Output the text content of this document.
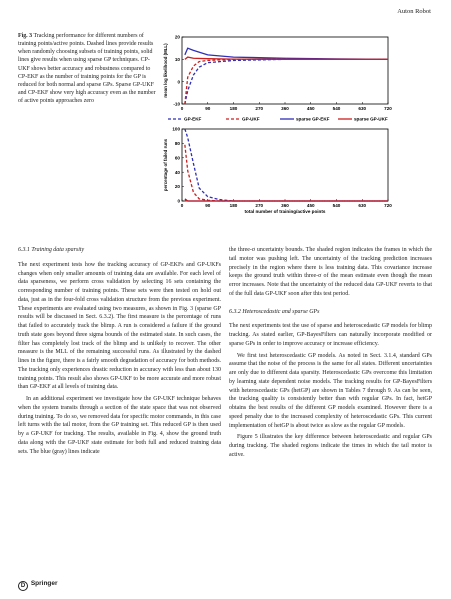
Auton Robot
Fig. 3 Tracking performance for different numbers of training points/active points. Dashed lines provide results when randomly choosing subsets of training points, solid lines give results when using sparse GP techniques. CP-UKF shows better accuracy and robustness compared to CP-EKF as the number of training points for the GP is reduced for both normal and sparse GPs. Sparse GP-UKF and CP-EKF show very high accuracy even as the number of active points approaches zero
0	90	180	270	360	450	540	630	720
-10
0
10
20
mean log likelihood (MLL)
GP-EKF	GP-UKF	sparse GP-EKF	sparse GP-UKF
0	90	180	270	360	450	540	630	720
0
20
40
60
80
100
percentage of failed runs
total number of training/active points
6.3.1 Training data sparsity

The next experiment tests how the tracking accuracy of GP-EKFs and GP-UKFs changes when only smaller amounts of training data are available. For each level of data sparseness, we perform cross validation by selecting 16 sets containing the corresponding number of training points. These sets were then tested on hold out data, just as in the four-fold cross validation structure from the previous experiment. These experiments are evaluated using two measures, as shown in Fig. 3 (sparse GP results will be discussed in Sect. 6.3.2). The first measure is the percentage of runs that failed to accurately track the blimp. A run is considered a failure if the ground truth state goes beyond three sigma bounds of the estimated state. In such cases, the filter has completely lost track of the blimp and is unlikely to recover. The other measure is the MLL of the remaining successful runs. As illustrated by the dashed lines in the figure, there is a fairly smooth degradation of accuracy for both methods. The tracking only experiences drastic reduction in accuracy with less than about 130 training points. This result also shows GP-UKF to be more accurate and more robust than GP-EKF at all levels of training data.

In an additional experiment we investigate how the GP-UKF technique behaves when the system transits through a section of the state space that was not observed during training. To do so, we removed data for specific motor commands, in this case left turns with the tail motor, from the GP training set. This reduced GP is then used by a GP-UKF for tracking. The results, available in Fig. 4, show the ground truth data along with the GP-UKF state estimate for both full and reduced training data sets. The blue (gray) lines indicate

the three-σ uncertainty bounds. The shaded region indicates the frames in which the tail motor was pushing left. The uncertainty of the tracking prediction increases precisely in the region where there is less training data. This covariance increase keeps the ground truth within three-σ of the mean estimate even though the mean error increases. Note that the uncertainty of the reduced data GP-UKF reverts to that of the full data GP-UKF soon after this test period.

6.3.2 Heteroscedastic and sparse GPs

The next experiments test the use of sparse and heteroscedastic GP models for blimp tracking. As stated earlier, GP-BayesFilters can naturally incorporate modified or sparse GPs in order to improve accuracy or increase efficiency.

We first test heteroscedastic GP models. As noted in Sect. 3.1.4, standard GPs assume that the noise of the process is the same for all states. Different uncertainties are only due to different data sparsity. Heteroscedastic GPs overcome this limitation by learning state dependent noise models. The tracking results for GP-BayesFilters with heteroscedastic GPs (hetGP) are shown in Tables 7 through 9. As can be seen, the tracking quality is consistently better than with regular GPs. In fact, hetGP obtains the best results of the different GP models examined. However there is a speed penalty due to the increased complexity of heteroscedastic GPs. This current implementation of hetGP is about twice as slow as the regular GP models.

Figure 5 illustrates the key difference between heteroscedastic and regular GPs during tracking. The shaded regions indicate the times in which the tail motor is active.

D Springer
